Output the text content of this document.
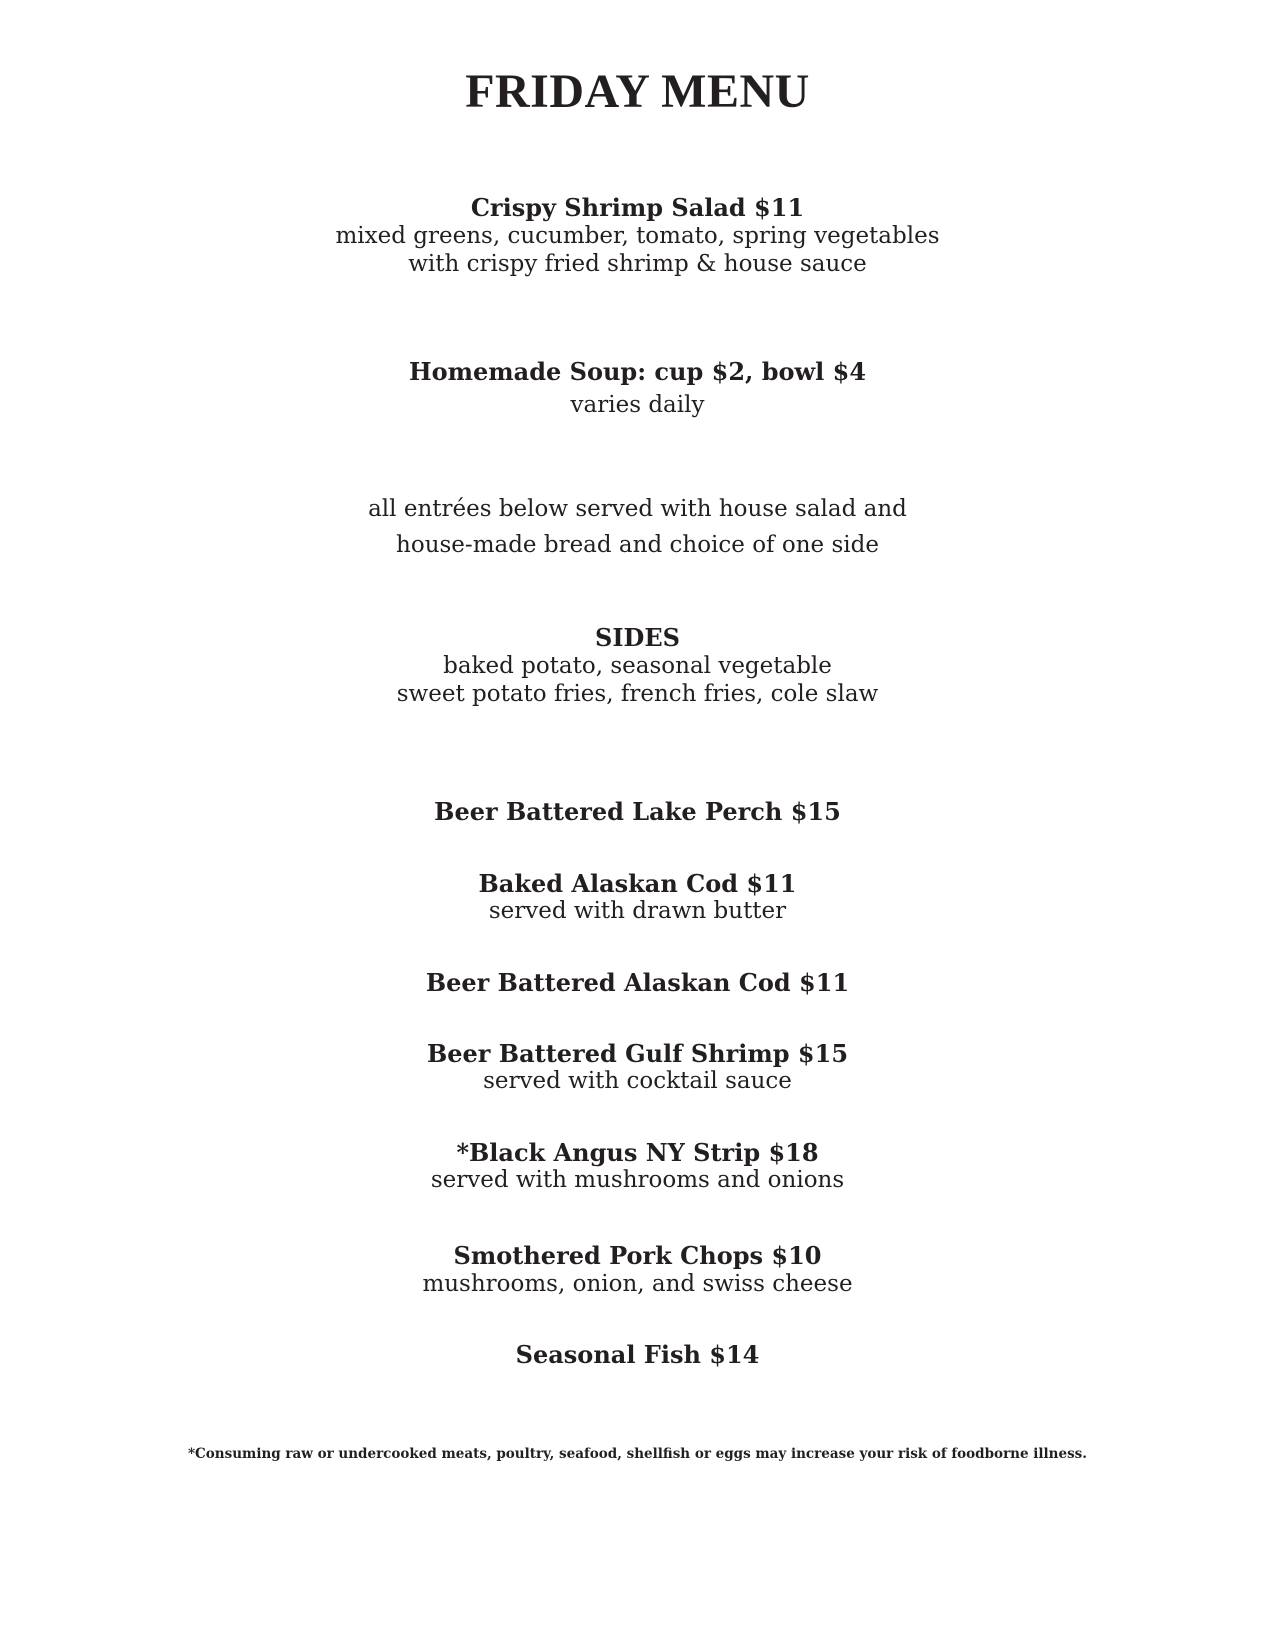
FRIDAY MENU
Crispy Shrimp Salad $11
mixed greens, cucumber, tomato, spring vegetables
with crispy fried shrimp & house sauce
Homemade Soup: cup $2, bowl $4
varies daily
all entrées below served with house salad and
house-made bread and choice of one side
SIDES
baked potato, seasonal vegetable
sweet potato fries, french fries, cole slaw
Beer Battered Lake Perch $15
Baked Alaskan Cod $11
served with drawn butter
Beer Battered Alaskan Cod $11
Beer Battered Gulf Shrimp $15
served with cocktail sauce
*Black Angus NY Strip $18
served with mushrooms and onions
Smothered Pork Chops $10
mushrooms, onion, and swiss cheese
Seasonal Fish $14
*Consuming raw or undercooked meats, poultry, seafood, shellfish or eggs may increase your risk of foodborne illness.
